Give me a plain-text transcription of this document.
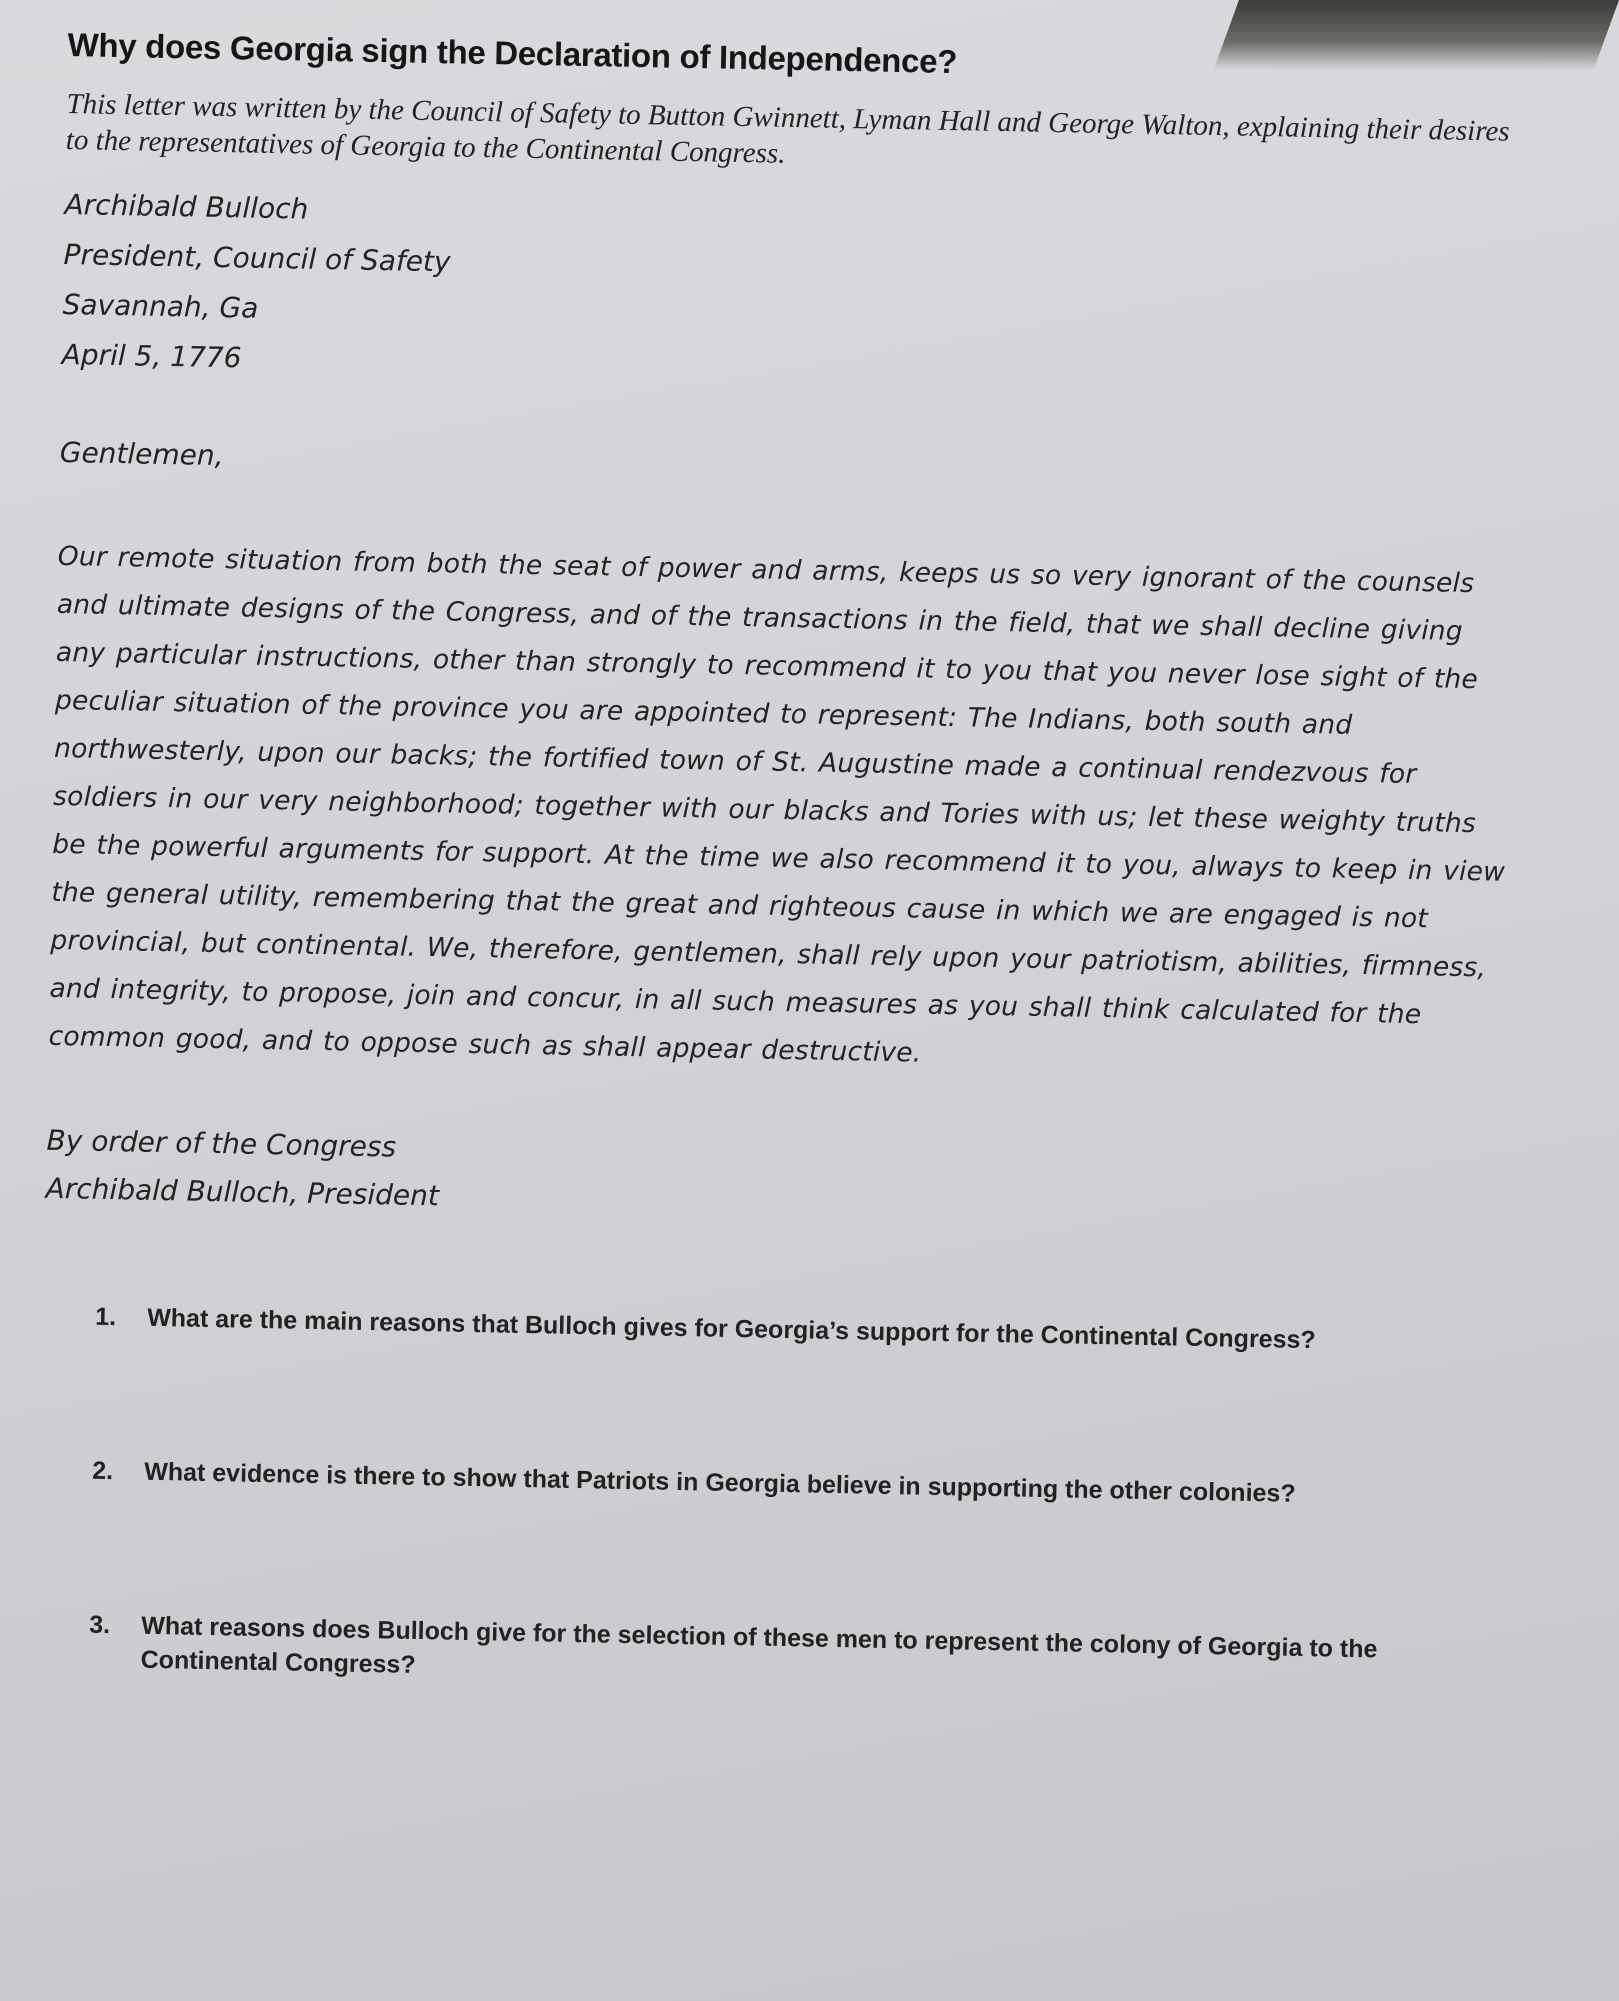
Why does Georgia sign the Declaration of Independence?

This letter was written by the Council of Safety to Button Gwinnett, Lyman Hall and George Walton, explaining their desires to the representatives of Georgia to the Continental Congress.

Archibald Bulloch
President, Council of Safety
Savannah, Ga
April 5, 1776
Gentlemen,
Our remote situation from both the seat of power and arms, keeps us so very ignorant of the counsels and ultimate designs of the Congress, and of the transactions in the field, that we shall decline giving any particular instructions, other than strongly to recommend it to you that you never lose sight of the peculiar situation of the province you are appointed to represent: The Indians, both south and northwesterly, upon our backs; the fortified town of St. Augustine made a continual rendezvous for soldiers in our very neighborhood; together with our blacks and Tories with us; let these weighty truths be the powerful arguments for support. At the time we also recommend it to you, always to keep in view the general utility, remembering that the great and righteous cause in which we are engaged is not provincial, but continental. We, therefore, gentlemen, shall rely upon your patriotism, abilities, firmness, and integrity, to propose, join and concur, in all such measures as you shall think calculated for the common good, and to oppose such as shall appear destructive.
By order of the Congress
Archibald Bulloch, President
1.	What are the main reasons that Bulloch gives for Georgia’s support for the Continental Congress?
2.	What evidence is there to show that Patriots in Georgia believe in supporting the other colonies?
3.	What reasons does Bulloch give for the selection of these men to represent the colony of Georgia to the Continental Congress?
